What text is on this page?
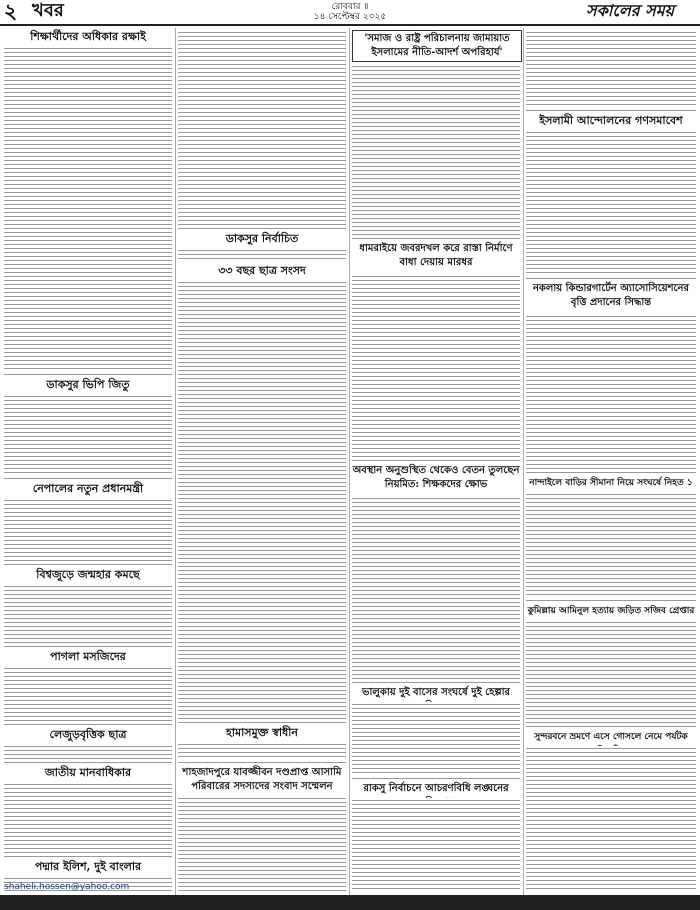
২ খবর	রোববার ॥
১৪ সেপ্টেম্বর ২০২৫	সকালের সময়

শিক্ষার্থীদের অধিকার রক্ষাই

ডাকসুর ভিপি জিতু

নেপালের নতুন প্রধানমন্ত্রী

বিশ্বজুড়ে জন্মহার কমছে

পাগলা মসজিদের

লেজুড়বৃত্তিক ছাত্র

জাতীয় মানবাধিকার

পদ্মার ইলিশ, দুই বাংলার

ডাকসুর নির্বাচিত

৩৩ বছর ছাত্র সংসদ

হামাসমুক্ত স্বাধীন

শাহজাদপুরে যাবজ্জীবন দণ্ডপ্রাপ্ত আসামি পরিবারের সদস্যদের সংবাদ সম্মেলন

'সমাজ ও রাষ্ট্র পরিচালনায় জামায়াত ইসলামের নীতি-আদর্শ অপরিহার্য'

ধামরাইয়ে জবরদখল করে রাস্তা নির্মাণে বাধা দেয়ায় মারধর

অবস্থান অনুশুস্থিত থেকেও বেতন তুলছেন নিয়মিত: শিক্ষকদের ক্ষোভ

ভালুকায় দুই বাসের সংঘর্ষে দুই হেল্পার

রাকসু নির্বাচনে আচরণবিধি লঙ্ঘনের

ইসলামী আন্দোলনের গণসমাবেশ

নকলায় কিন্ডারগার্টেন অ্যাসোসিয়েশনের বৃত্তি প্রদানের সিদ্ধান্ত

নান্দাইলে বাড়ির সীমানা নিয়ে সংঘর্ষে নিহত ১

কুমিল্লায় আমিনুল হত্যায় জড়িত সজিব গ্রেপ্তার

সুন্দরবনে ভ্রমণে এসে গোসলে নেমে পর্যটক

shaheli.hossen@yahoo.com
